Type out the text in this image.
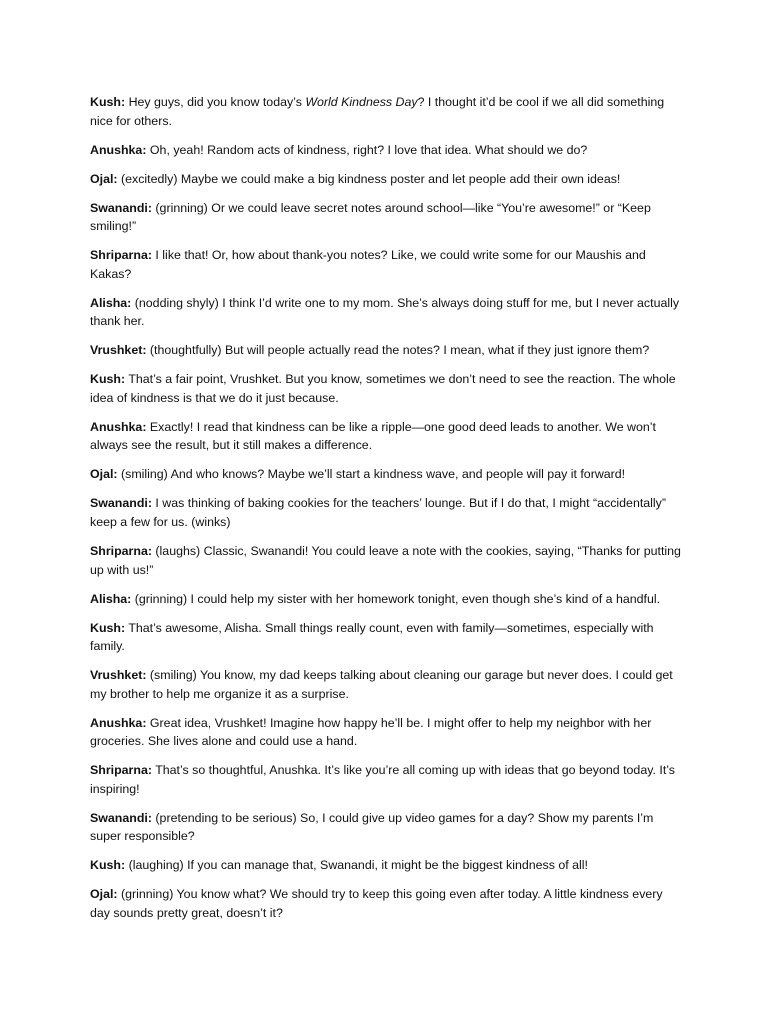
Kush: Hey guys, did you know today’s World Kindness Day? I thought it’d be cool if we all did something nice for others.

Anushka: Oh, yeah! Random acts of kindness, right? I love that idea. What should we do?

Ojal: (excitedly) Maybe we could make a big kindness poster and let people add their own ideas!

Swanandi: (grinning) Or we could leave secret notes around school—like “You’re awesome!” or “Keep smiling!”

Shriparna: I like that! Or, how about thank-you notes? Like, we could write some for our Maushis and Kakas?

Alisha: (nodding shyly) I think I’d write one to my mom. She’s always doing stuff for me, but I never actually thank her.

Vrushket: (thoughtfully) But will people actually read the notes? I mean, what if they just ignore them?

Kush: That’s a fair point, Vrushket. But you know, sometimes we don’t need to see the reaction. The whole idea of kindness is that we do it just because.

Anushka: Exactly! I read that kindness can be like a ripple—one good deed leads to another. We won’t always see the result, but it still makes a difference.

Ojal: (smiling) And who knows? Maybe we’ll start a kindness wave, and people will pay it forward!

Swanandi: I was thinking of baking cookies for the teachers’ lounge. But if I do that, I might “accidentally” keep a few for us. (winks)

Shriparna: (laughs) Classic, Swanandi! You could leave a note with the cookies, saying, “Thanks for putting up with us!”

Alisha: (grinning) I could help my sister with her homework tonight, even though she’s kind of a handful.

Kush: That’s awesome, Alisha. Small things really count, even with family—sometimes, especially with family.

Vrushket: (smiling) You know, my dad keeps talking about cleaning our garage but never does. I could get my brother to help me organize it as a surprise.

Anushka: Great idea, Vrushket! Imagine how happy he’ll be. I might offer to help my neighbor with her groceries. She lives alone and could use a hand.

Shriparna: That’s so thoughtful, Anushka. It’s like you’re all coming up with ideas that go beyond today. It’s inspiring!

Swanandi: (pretending to be serious) So, I could give up video games for a day? Show my parents I’m super responsible?

Kush: (laughing) If you can manage that, Swanandi, it might be the biggest kindness of all!

Ojal: (grinning) You know what? We should try to keep this going even after today. A little kindness every day sounds pretty great, doesn’t it?
